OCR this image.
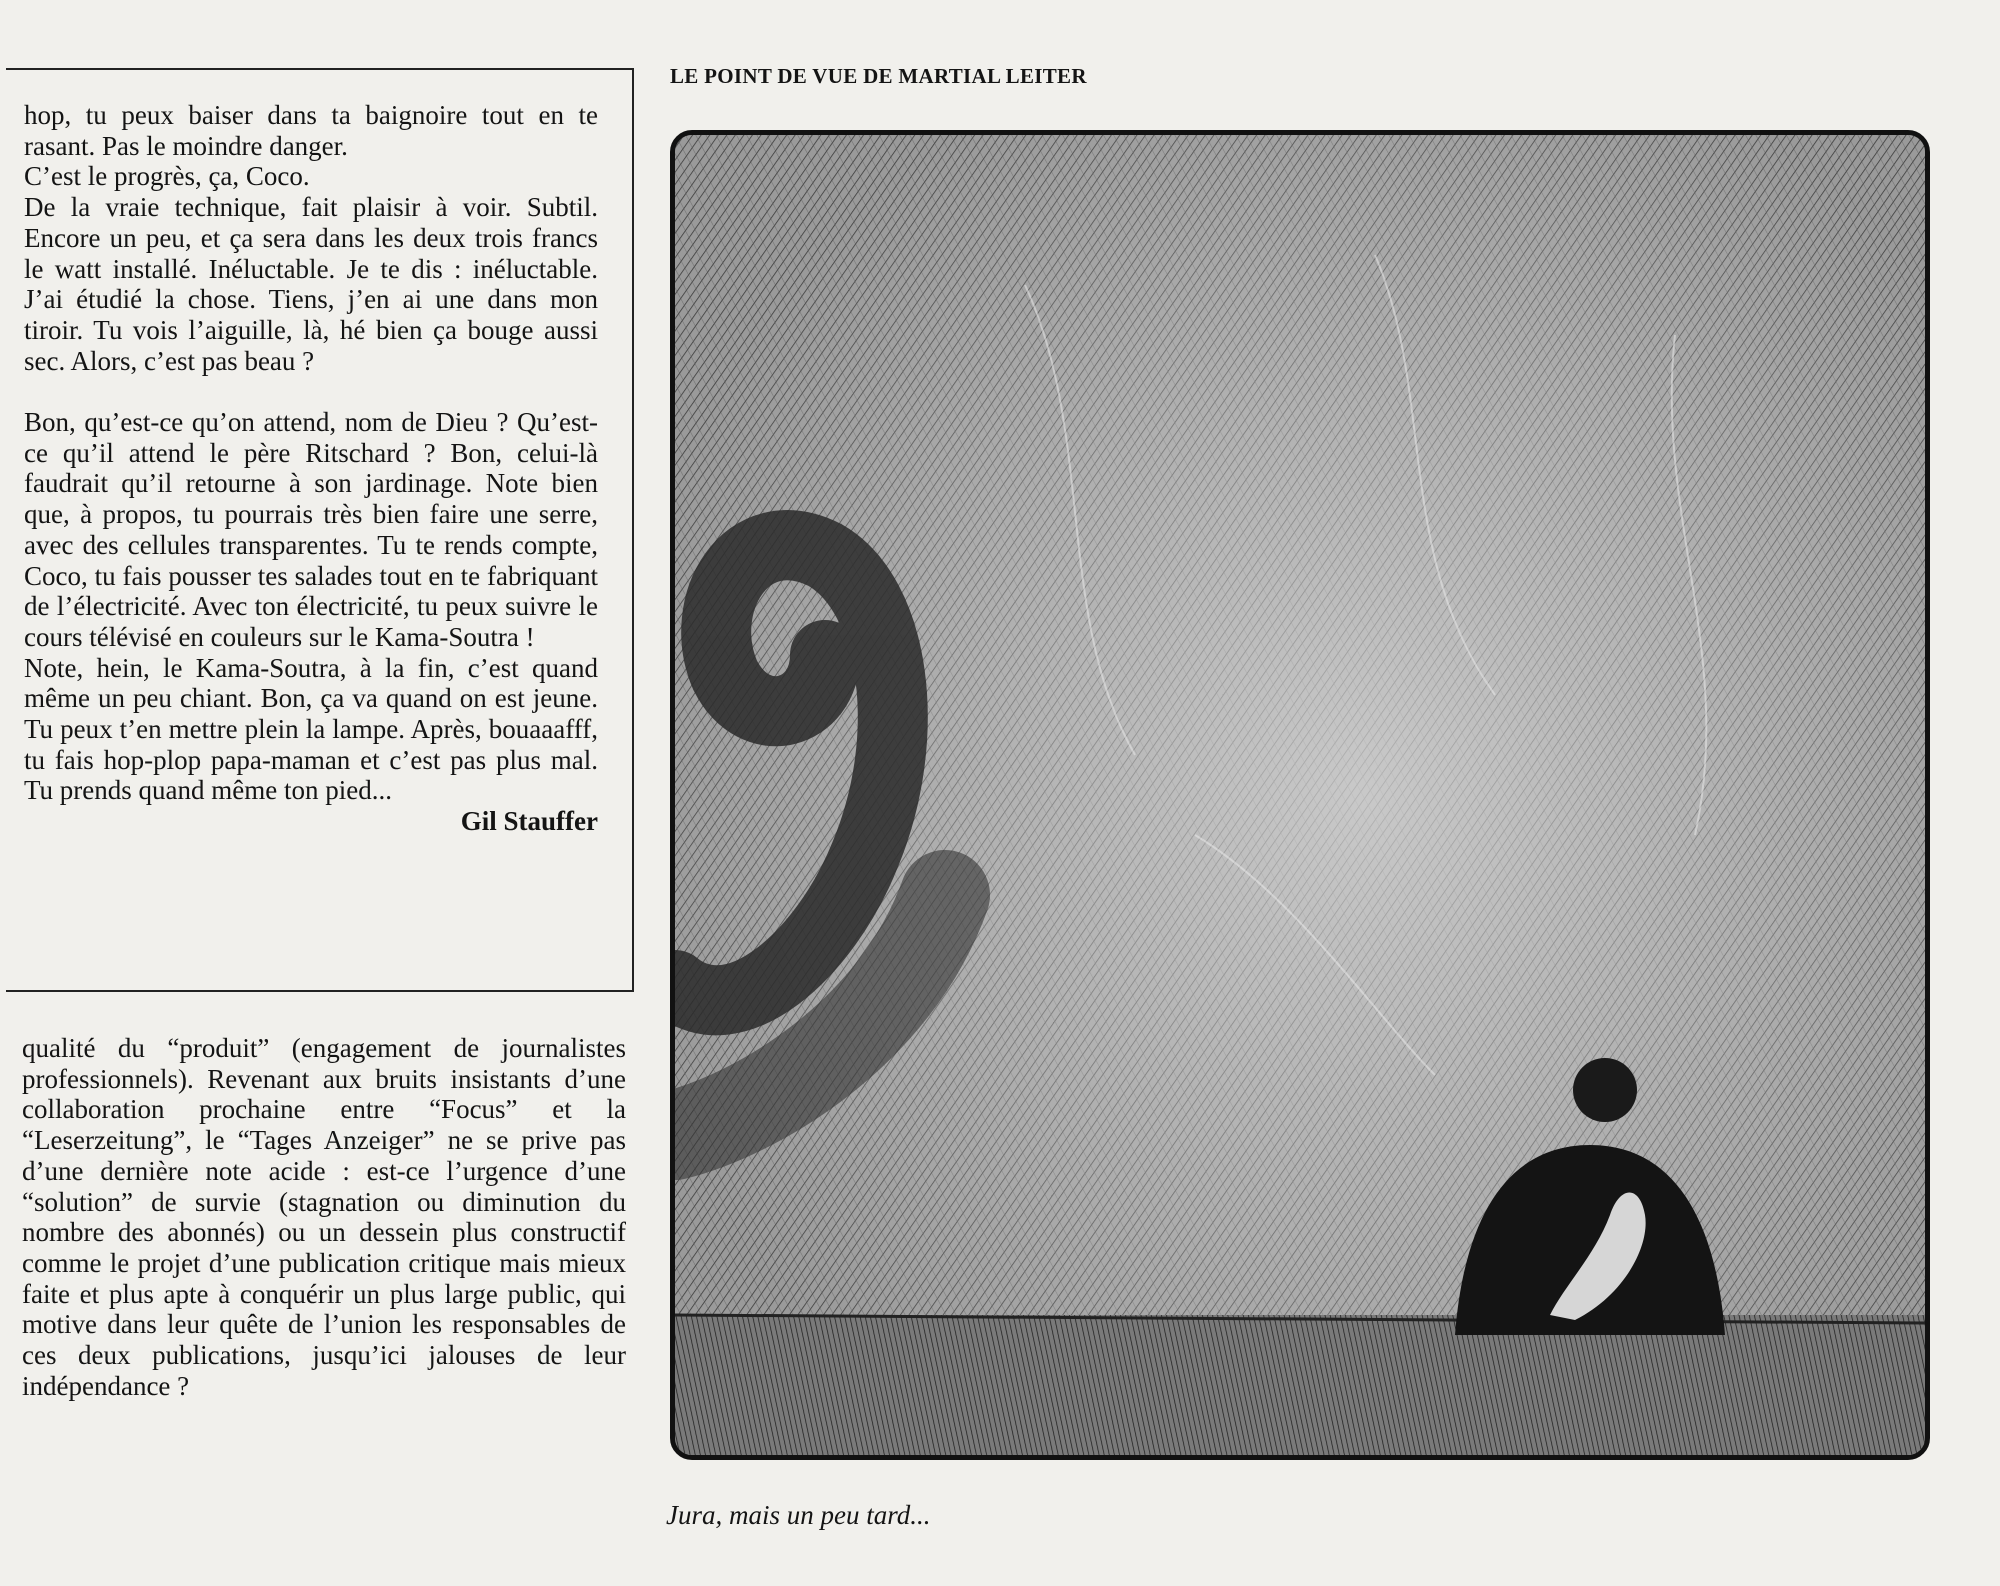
hop, tu peux baiser dans ta baignoire tout en te rasant. Pas le moindre danger.

C’est le progrès, ça, Coco.

De la vraie technique, fait plaisir à voir. Subtil. Encore un peu, et ça sera dans les deux trois francs le watt installé. Inéluctable. Je te dis : inéluctable. J’ai étudié la chose. Tiens, j’en ai une dans mon tiroir. Tu vois l’aiguille, là, hé bien ça bouge aussi sec. Alors, c’est pas beau ?

Bon, qu’est-ce qu’on attend, nom de Dieu ? Qu’est-ce qu’il attend le père Ritschard ? Bon, celui-là faudrait qu’il retourne à son jardinage. Note bien que, à propos, tu pourrais très bien faire une serre, avec des cellules transparentes. Tu te rends compte, Coco, tu fais pousser tes salades tout en te fabriquant de l’électricité. Avec ton électricité, tu peux suivre le cours télévisé en couleurs sur le Kama-Soutra !

Note, hein, le Kama-Soutra, à la fin, c’est quand même un peu chiant. Bon, ça va quand on est jeune. Tu peux t’en mettre plein la lampe. Après, bouaaafff, tu fais hop-plop papa-maman et c’est pas plus mal. Tu prends quand même ton pied...

Gil Stauffer

qualité du “produit” (engagement de journalistes professionnels). Revenant aux bruits insistants d’une collaboration prochaine entre “Focus” et la “Leserzeitung”, le “Tages Anzeiger” ne se prive pas d’une dernière note acide : est-ce l’urgence d’une “solution” de survie (stagnation ou diminution du nombre des abonnés) ou un dessein plus constructif comme le projet d’une publication critique mais mieux faite et plus apte à conquérir un plus large public, qui motive dans leur quête de l’union les responsables de ces deux publications, jusqu’ici jalouses de leur indépendance ?

LE POINT DE VUE DE MARTIAL LEITER
Jura, mais un peu tard...
